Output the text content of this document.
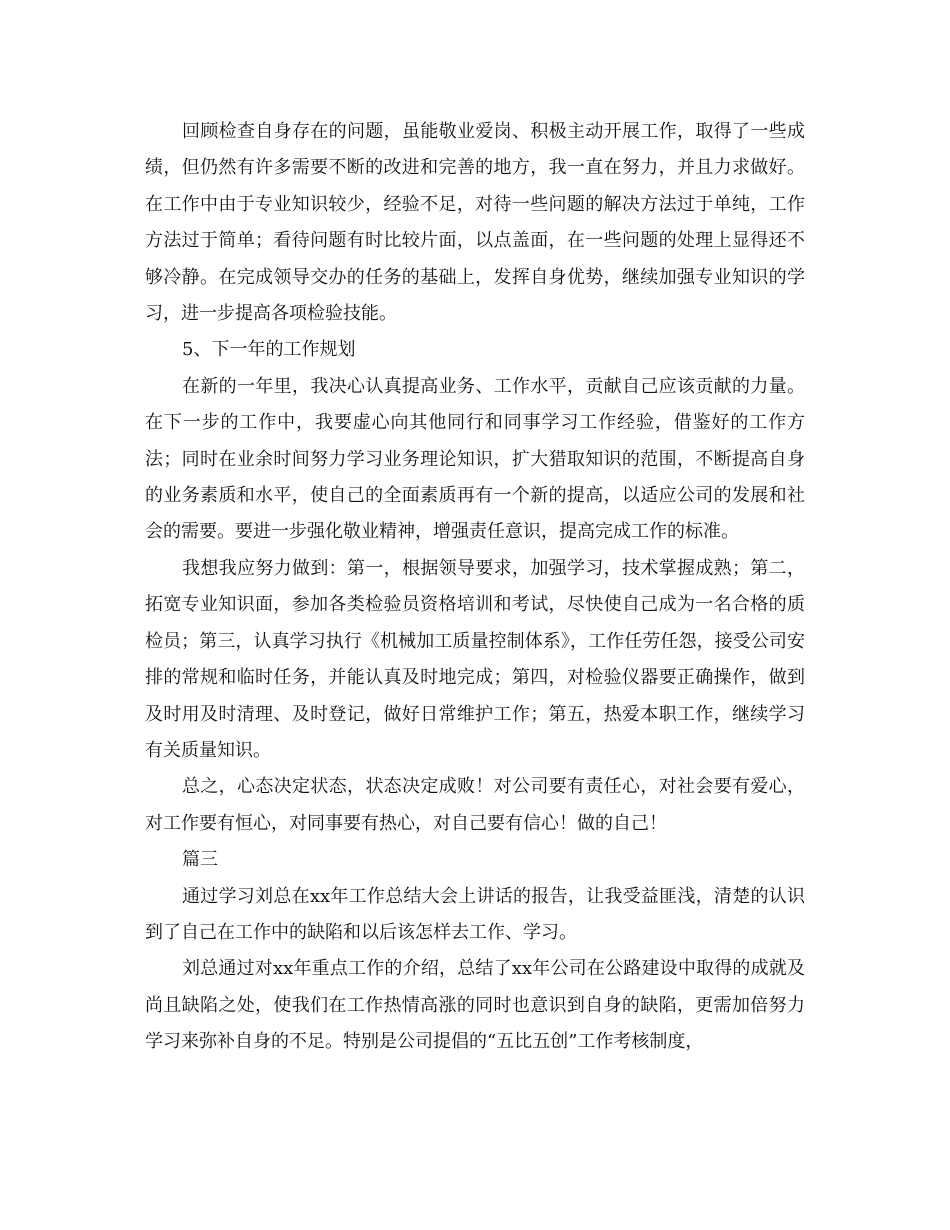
回顾检查自身存在的问题，虽能敬业爱岗、积极主动开展工作，取得了一些成绩，但仍然有许多需要不断的改进和完善的地方，我一直在努力，并且力求做好。在工作中由于专业知识较少，经验不足，对待一些问题的解决方法过于单纯，工作方法过于简单；看待问题有时比较片面，以点盖面，在一些问题的处理上显得还不够冷静。在完成领导交办的任务的基础上，发挥自身优势，继续加强专业知识的学习，进一步提高各项检验技能。

5、下一年的工作规划

在新的一年里，我决心认真提高业务、工作水平，贡献自己应该贡献的力量。在下一步的工作中，我要虚心向其他同行和同事学习工作经验，借鉴好的工作方法；同时在业余时间努力学习业务理论知识，扩大猎取知识的范围，不断提高自身的业务素质和水平，使自己的全面素质再有一个新的提高，以适应公司的发展和社会的需要。要进一步强化敬业精神，增强责任意识，提高完成工作的标准。

我想我应努力做到：第一，根据领导要求，加强学习，技术掌握成熟；第二，拓宽专业知识面，参加各类检验员资格培训和考试，尽快使自己成为一名合格的质检员；第三，认真学习执行《机械加工质量控制体系》，工作任劳任怨，接受公司安排的常规和临时任务，并能认真及时地完成；第四，对检验仪器要正确操作，做到及时用及时清理、及时登记，做好日常维护工作；第五，热爱本职工作，继续学习有关质量知识。

总之，心态决定状态，状态决定成败！对公司要有责任心，对社会要有爱心，对工作要有恒心，对同事要有热心，对自己要有信心！做的自己！

篇三

通过学习刘总在xx年工作总结大会上讲话的报告，让我受益匪浅，清楚的认识到了自己在工作中的缺陷和以后该怎样去工作、学习。

刘总通过对xx年重点工作的介绍，总结了xx年公司在公路建设中取得的成就及尚且缺陷之处，使我们在工作热情高涨的同时也意识到自身的缺陷，更需加倍努力学习来弥补自身的不足。特别是公司提倡的“五比五创”工作考核制度，
